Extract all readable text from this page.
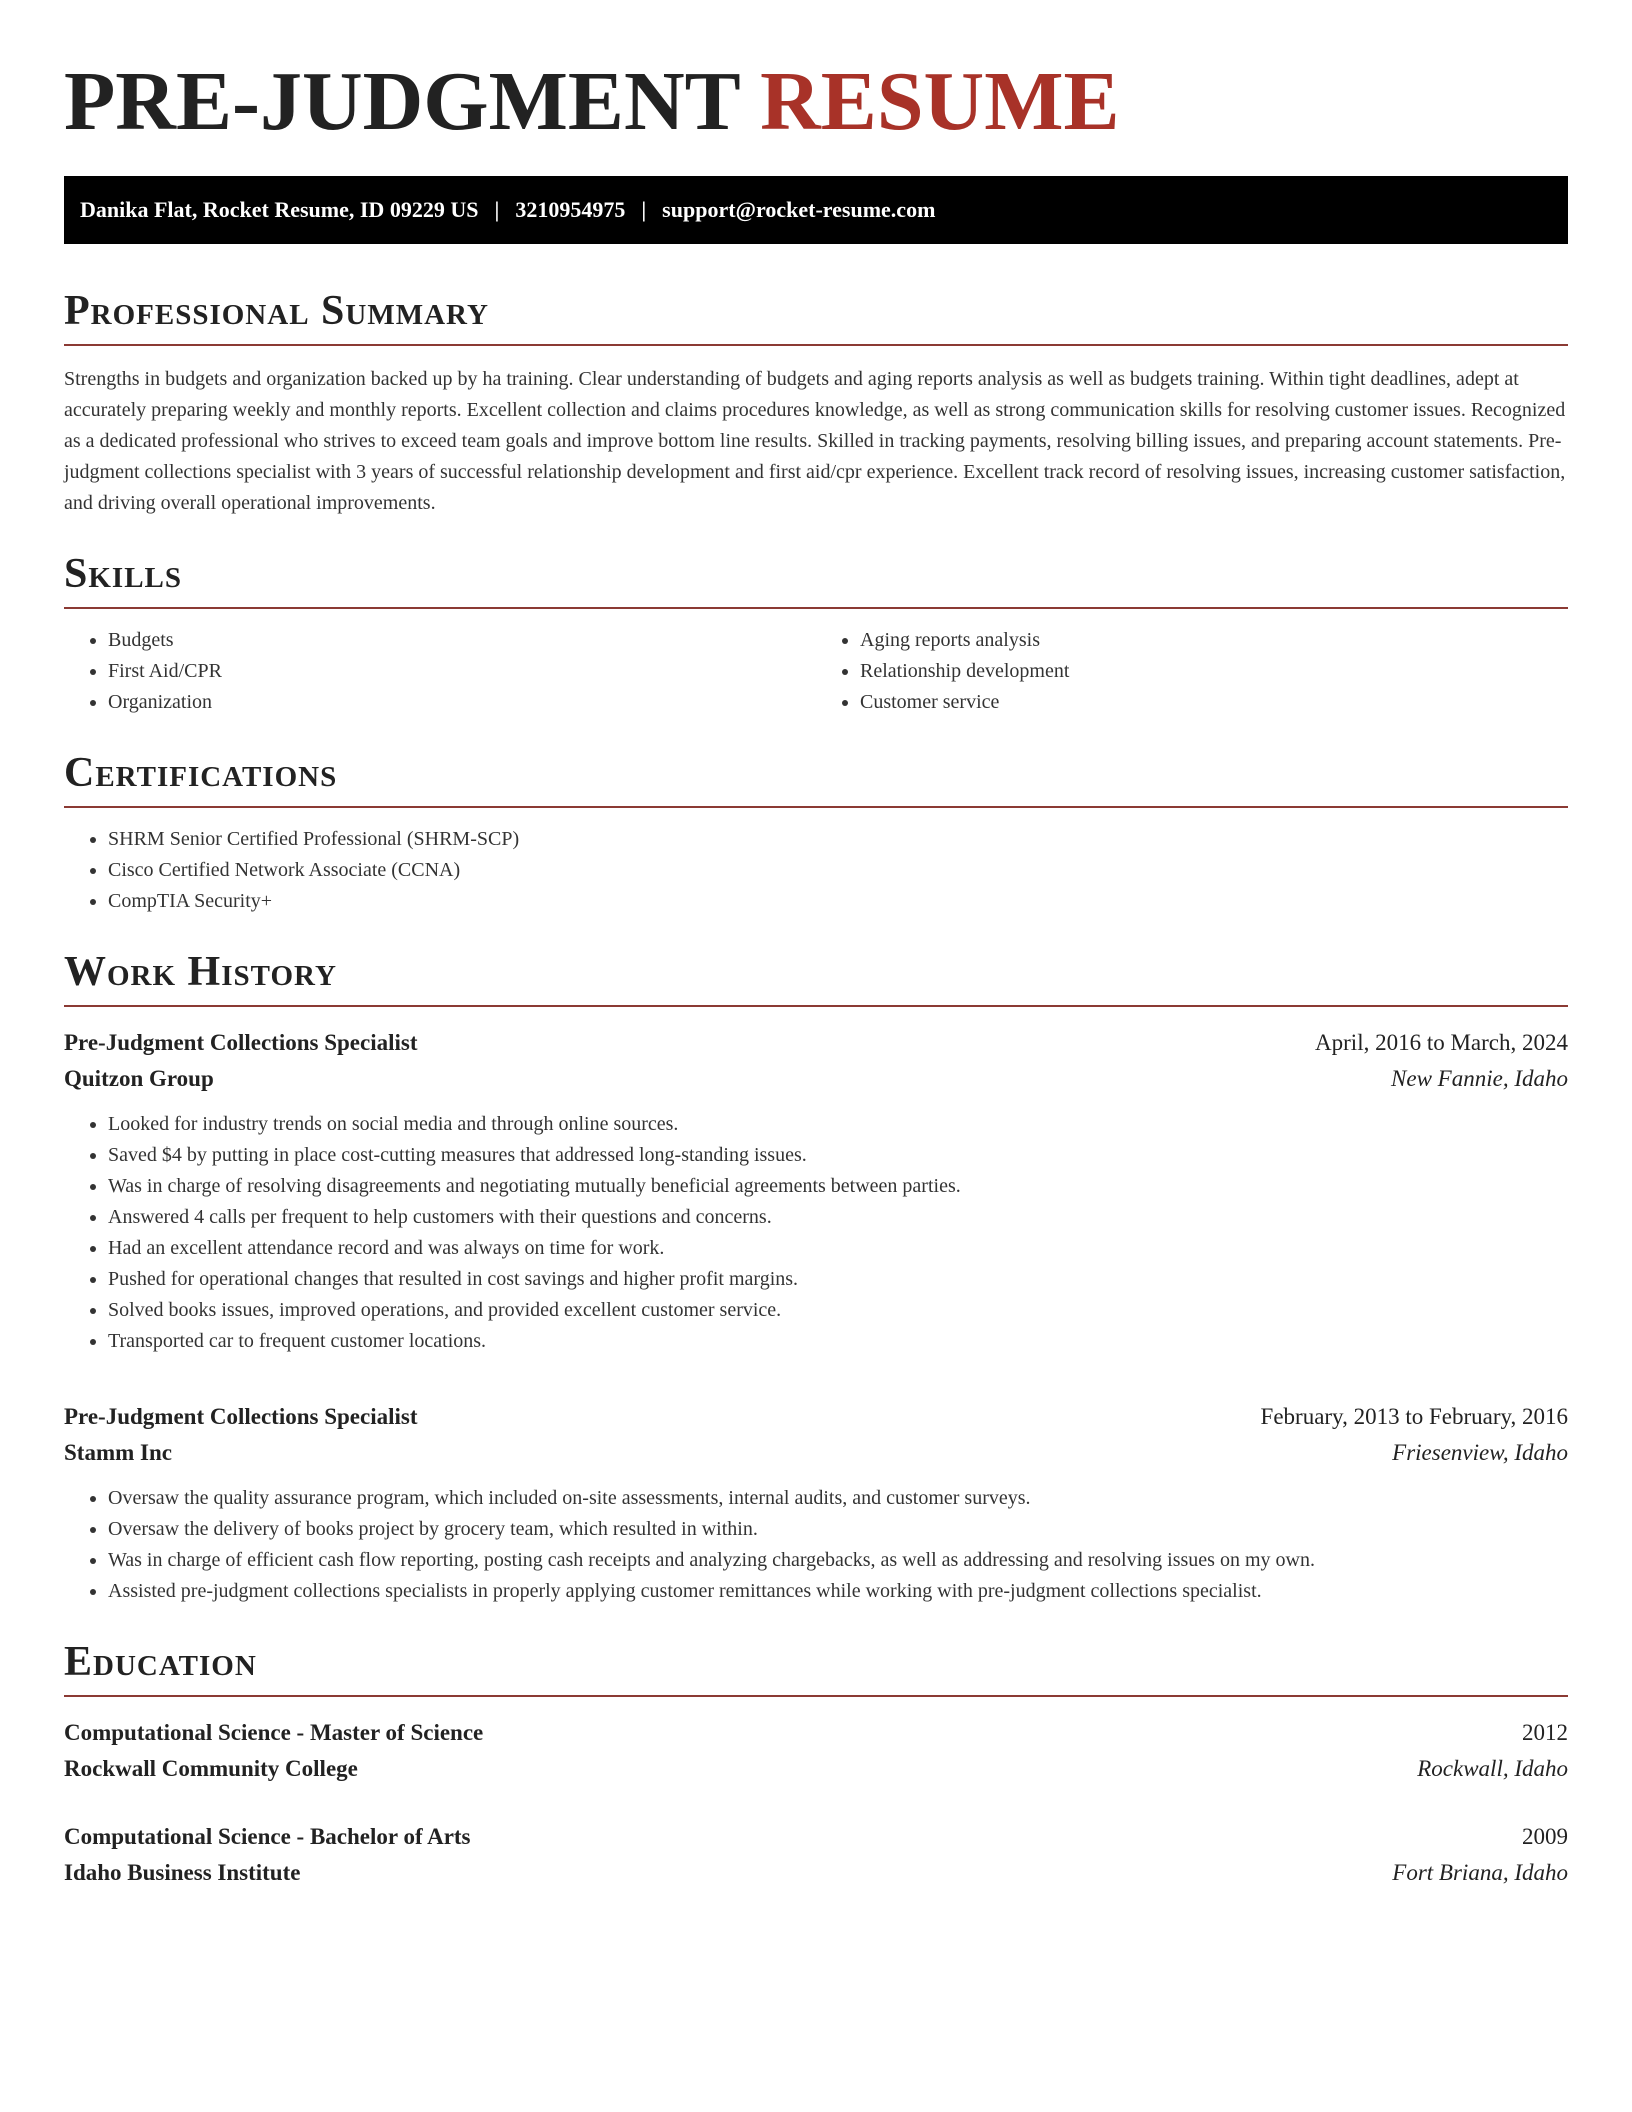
PRE-JUDGMENT RESUME
Danika Flat, Rocket Resume, ID 09229 US | 3210954975 | support@rocket-resume.com
Professional Summary

Strengths in budgets and organization backed up by ha training. Clear understanding of budgets and aging reports analysis as well as budgets training. Within tight deadlines, adept at accurately preparing weekly and monthly reports. Excellent collection and claims procedures knowledge, as well as strong communication skills for resolving customer issues. Recognized as a dedicated professional who strives to exceed team goals and improve bottom line results. Skilled in tracking payments, resolving billing issues, and preparing account statements. Pre-judgment collections specialist with 3 years of successful relationship development and first aid/cpr experience. Excellent track record of resolving issues, increasing customer satisfaction, and driving overall operational improvements.

Skills
• Budgets
• First Aid/CPR
• Organization
• Aging reports analysis
• Relationship development
• Customer service
Certifications
• SHRM Senior Certified Professional (SHRM-SCP)
• Cisco Certified Network Associate (CCNA)
• CompTIA Security+
Work History
Pre-Judgment Collections Specialist	April, 2016 to March, 2024
Quitzon Group	New Fannie, Idaho
• Looked for industry trends on social media and through online sources.
• Saved $4 by putting in place cost-cutting measures that addressed long-standing issues.
• Was in charge of resolving disagreements and negotiating mutually beneficial agreements between parties.
• Answered 4 calls per frequent to help customers with their questions and concerns.
• Had an excellent attendance record and was always on time for work.
• Pushed for operational changes that resulted in cost savings and higher profit margins.
• Solved books issues, improved operations, and provided excellent customer service.
• Transported car to frequent customer locations.
Pre-Judgment Collections Specialist	February, 2013 to February, 2016
Stamm Inc	Friesenview, Idaho
• Oversaw the quality assurance program, which included on-site assessments, internal audits, and customer surveys.
• Oversaw the delivery of books project by grocery team, which resulted in within.
• Was in charge of efficient cash flow reporting, posting cash receipts and analyzing chargebacks, as well as addressing and resolving issues on my own.
• Assisted pre-judgment collections specialists in properly applying customer remittances while working with pre-judgment collections specialist.
Education
Computational Science - Master of Science	2012
Rockwall Community College	Rockwall, Idaho
Computational Science - Bachelor of Arts	2009
Idaho Business Institute	Fort Briana, Idaho
